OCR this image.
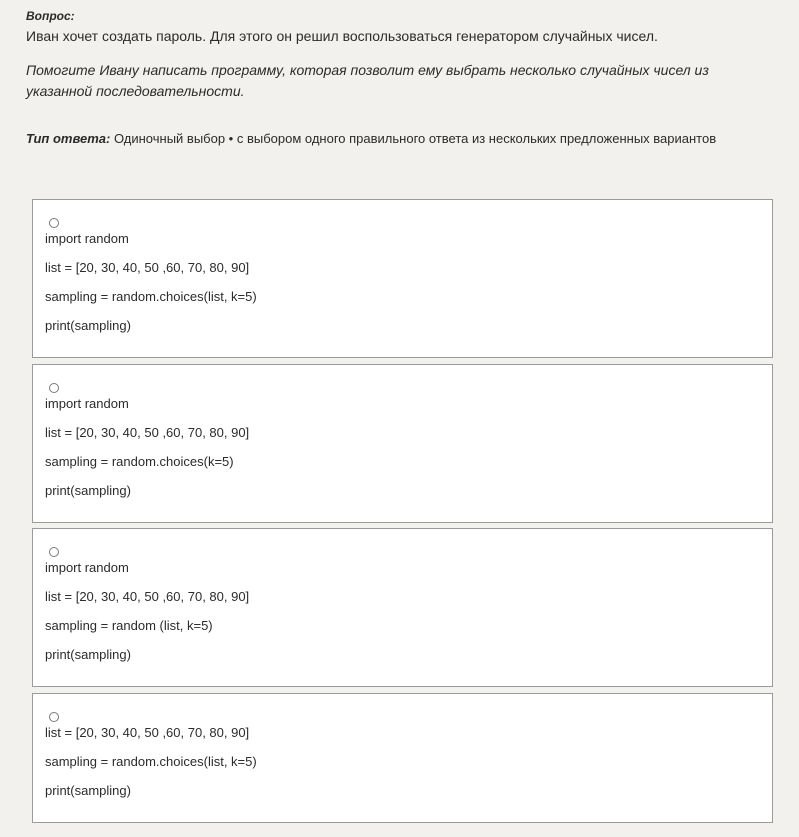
Вопрос:
Иван хочет создать пароль. Для этого он решил воспользоваться генератором случайных чисел.
Помогите Ивану написать программу, которая позволит ему выбрать несколько случайных чисел из указанной последовательности.
Тип ответа: Одиночный выбор • с выбором одного правильного ответа из нескольких предложенных вариантов
import random
list = [20, 30, 40, 50 ,60, 70, 80, 90]
sampling = random.choices(list, k=5)
print(sampling)
import random
list = [20, 30, 40, 50 ,60, 70, 80, 90]
sampling = random.choices(k=5)
print(sampling)
import random
list = [20, 30, 40, 50 ,60, 70, 80, 90]
sampling = random (list, k=5)
print(sampling)
list = [20, 30, 40, 50 ,60, 70, 80, 90]
sampling = random.choices(list, k=5)
print(sampling)
